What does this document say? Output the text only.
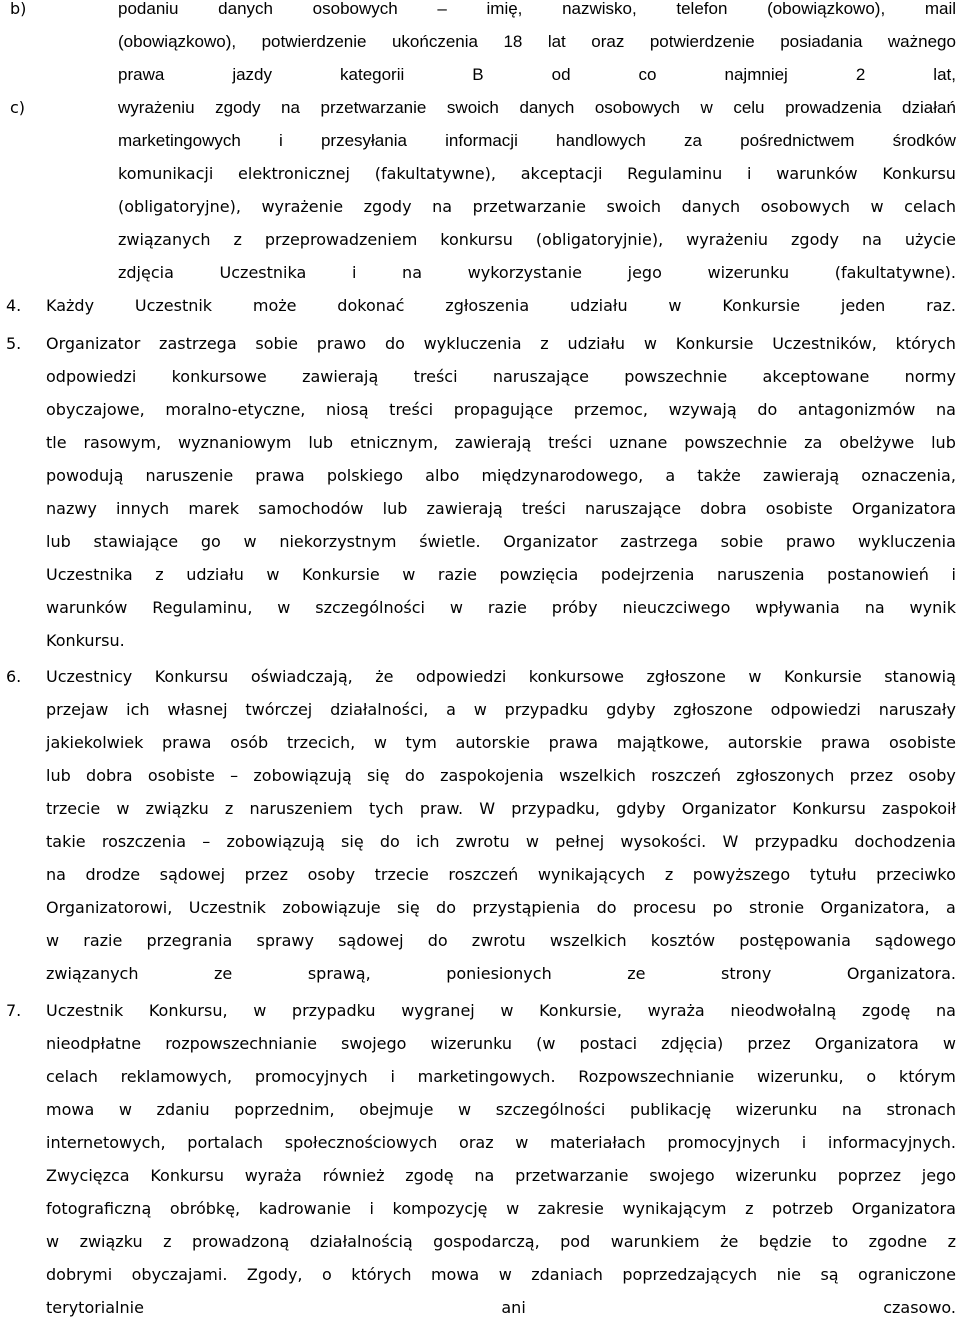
b)	podaniu danych osobowych – imię, nazwisko, telefon (obowiązkowo), mail
(obowiązkowo), potwierdzenie ukończenia 18 lat oraz potwierdzenie posiadania ważnego
prawa jazdy kategorii B od co najmniej 2 lat,
c)	wyrażeniu zgody na przetwarzanie swoich danych osobowych w celu prowadzenia działań
marketingowych i przesyłania informacji handlowych za pośrednictwem środków
komunikacji elektronicznej (fakultatywne), akceptacji Regulaminu i warunków Konkursu
(obligatoryjne), wyrażenie zgody na przetwarzanie swoich danych osobowych w celach
związanych z przeprowadzeniem konkursu (obligatoryjnie), wyrażeniu zgody na użycie
zdjęcia Uczestnika i na wykorzystanie jego wizerunku (fakultatywne).
4. Każdy Uczestnik może dokonać zgłoszenia udziału w Konkursie jeden raz.
5. Organizator zastrzega sobie prawo do wykluczenia z udziału w Konkursie Uczestników, których
odpowiedzi konkursowe zawierają treści naruszające powszechnie akceptowane normy
obyczajowe, moralno-etyczne, niosą treści propagujące przemoc, wzywają do antagonizmów na
tle rasowym, wyznaniowym lub etnicznym, zawierają treści uznane powszechnie za obelżywe lub
powodują naruszenie prawa polskiego albo międzynarodowego, a także zawierają oznaczenia,
nazwy innych marek samochodów lub zawierają treści naruszające dobra osobiste Organizatora
lub stawiające go w niekorzystnym świetle. Organizator zastrzega sobie prawo wykluczenia
Uczestnika z udziału w Konkursie w razie powzięcia podejrzenia naruszenia postanowień i
warunków Regulaminu, w szczególności w razie próby nieuczciwego wpływania na wynik
Konkursu.
6. Uczestnicy Konkursu oświadczają, że odpowiedzi konkursowe zgłoszone w Konkursie stanowią
przejaw ich własnej twórczej działalności, a w przypadku gdyby zgłoszone odpowiedzi naruszały
jakiekolwiek prawa osób trzecich, w tym autorskie prawa majątkowe, autorskie prawa osobiste
lub dobra osobiste – zobowiązują się do zaspokojenia wszelkich roszczeń zgłoszonych przez osoby
trzecie w związku z naruszeniem tych praw. W przypadku, gdyby Organizator Konkursu zaspokoił
takie roszczenia – zobowiązują się do ich zwrotu w pełnej wysokości. W przypadku dochodzenia
na drodze sądowej przez osoby trzecie roszczeń wynikających z powyższego tytułu przeciwko
Organizatorowi, Uczestnik zobowiązuje się do przystąpienia do procesu po stronie Organizatora, a
w razie przegrania sprawy sądowej do zwrotu wszelkich kosztów postępowania sądowego
związanych ze sprawą, poniesionych ze strony Organizatora.
7. Uczestnik Konkursu, w przypadku wygranej w Konkursie, wyraża nieodwołalną zgodę na
nieodpłatne rozpowszechnianie swojego wizerunku (w postaci zdjęcia) przez Organizatora w
celach reklamowych, promocyjnych i marketingowych. Rozpowszechnianie wizerunku, o którym
mowa w zdaniu poprzednim, obejmuje w szczególności publikację wizerunku na stronach
internetowych, portalach społecznościowych oraz w materiałach promocyjnych i informacyjnych.
Zwycięzca Konkursu wyraża również zgodę na przetwarzanie swojego wizerunku poprzez jego
fotograficzną obróbkę, kadrowanie i kompozycję w zakresie wynikającym z potrzeb Organizatora
w związku z prowadzoną działalnością gospodarczą, pod warunkiem że będzie to zgodne z
dobrymi obyczajami. Zgody, o których mowa w zdaniach poprzedzających nie są ograniczone
terytorialnie ani czasowo.
